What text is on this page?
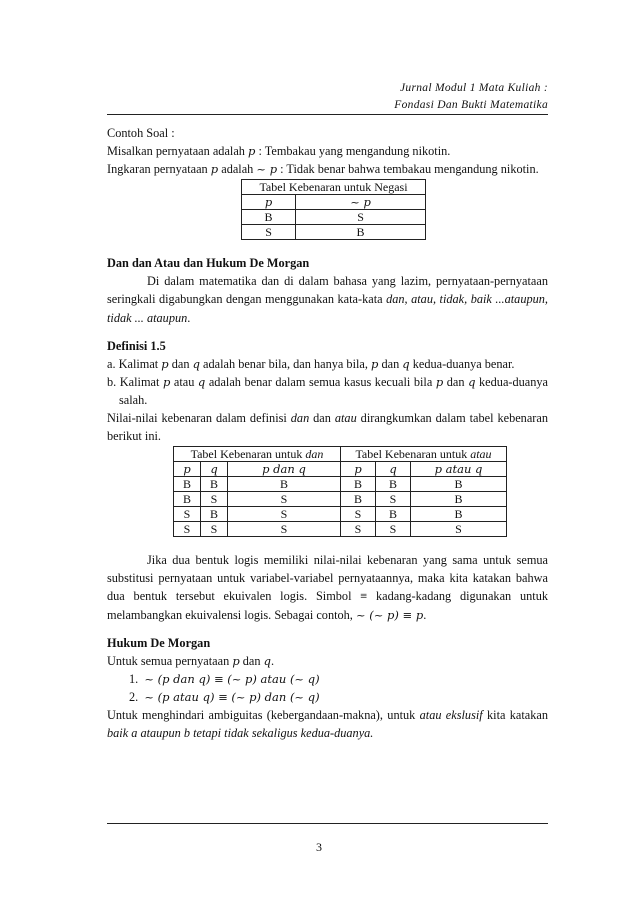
Jurnal Modul 1 Mata Kuliah :
Fondasi Dan Bukti Matematika

Contoh Soal :

Misalkan pernyataan adalah p : Tembakau yang mengandung nikotin.

Ingkaran pernyataan p adalah ~ p : Tidak benar bahwa tembakau mengandung nikotin.

Tabel Kebenaran untuk Negasi	
p	~ p
B	S
S	B

Dan dan Atau dan Hukum De Morgan

Di dalam matematika dan di dalam bahasa yang lazim, pernyataan-pernyataan seringkali digabungkan dengan menggunakan kata-kata dan, atau, tidak, baik ...ataupun, tidak ... ataupun.

Definisi 1.5

a. Kalimat p dan q adalah benar bila, dan hanya bila, p dan q kedua-duanya benar.

b. Kalimat p atau q adalah benar dalam semua kasus kecuali bila p dan q kedua-duanya salah.

Nilai-nilai kebenaran dalam definisi dan dan atau dirangkumkan dalam tabel kebenaran berikut ini.

Tabel Kebenaran untuk dan			Tabel Kebenaran untuk atau		
p	q	p dan q	p	q	p atau q
B	B	B	B	B	B
B	S	S	B	S	B
S	B	S	S	B	B
S	S	S	S	S	S

Jika dua bentuk logis memiliki nilai-nilai kebenaran yang sama untuk semua substitusi pernyataan untuk variabel-variabel pernyataannya, maka kita katakan bahwa dua bentuk tersebut ekuivalen logis. Simbol ≡ kadang-kadang digunakan untuk melambangkan ekuivalensi logis. Sebagai contoh, ~ (~ p) ≡ p.

Hukum De Morgan

Untuk semua pernyataan p dan q.

1. ~ (p dan q) ≡ (~ p) atau (~ q)

2. ~ (p atau q) ≡ (~ p) dan (~ q)

Untuk menghindari ambiguitas (kebergandaan-makna), untuk atau ekslusif kita katakan baik a ataupun b tetapi tidak sekaligus kedua-duanya.

3
